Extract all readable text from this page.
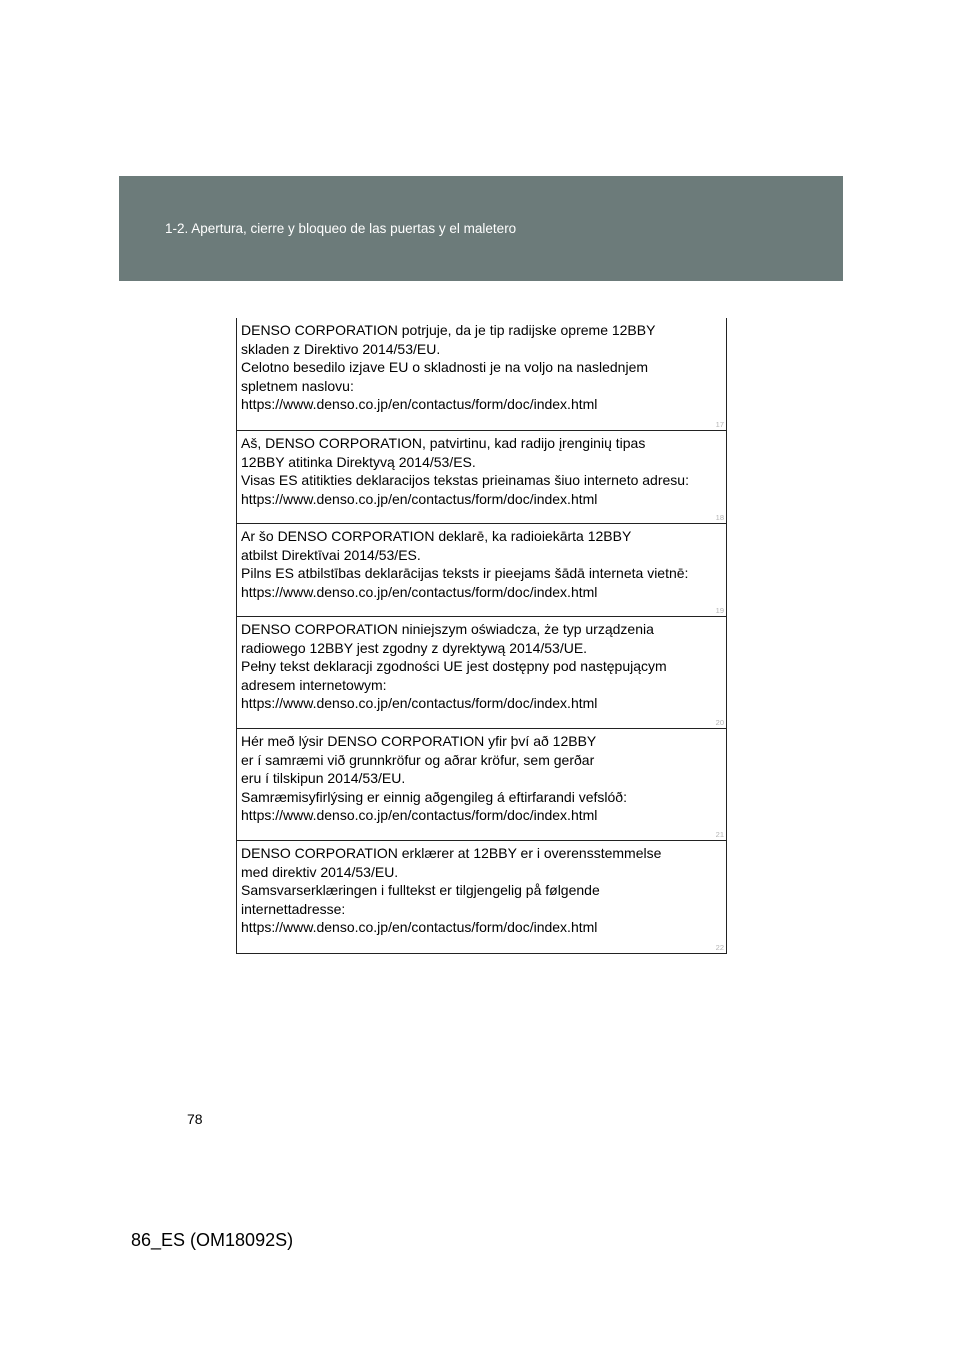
1-2. Apertura, cierre y bloqueo de las puertas y el maletero
DENSO CORPORATION potrjuje, da je tip radijske opreme 12BBY
skladen z Direktivo 2014/53/EU.
Celotno besedilo izjave EU o skladnosti je na voljo na naslednjem
spletnem naslovu:
https://www.denso.co.jp/en/contactus/form/doc/index.html
17
Aš, DENSO CORPORATION, patvirtinu, kad radijo įrenginių tipas
12BBY atitinka Direktyvą 2014/53/ES.
Visas ES atitikties deklaracijos tekstas prieinamas šiuo interneto adresu:
https://www.denso.co.jp/en/contactus/form/doc/index.html
18
Ar šo DENSO CORPORATION deklarē, ka radioiekārta 12BBY
atbilst Direktīvai 2014/53/ES.
Pilns ES atbilstības deklarācijas teksts ir pieejams šādā interneta vietnē:
https://www.denso.co.jp/en/contactus/form/doc/index.html
19
DENSO CORPORATION niniejszym oświadcza, że typ urządzenia
radiowego 12BBY jest zgodny z dyrektywą 2014/53/UE.
Pełny tekst deklaracji zgodności UE jest dostępny pod następującym
adresem internetowym:
https://www.denso.co.jp/en/contactus/form/doc/index.html
20
Hér með lýsir DENSO CORPORATION yfir því að 12BBY
er í samræmi við grunnkröfur og aðrar kröfur, sem gerðar
eru í tilskipun 2014/53/EU.
Samræmisyfirlýsing er einnig aðgengileg á eftirfarandi vefslóð:
https://www.denso.co.jp/en/contactus/form/doc/index.html
21
DENSO CORPORATION erklærer at 12BBY er i overensstemmelse
med direktiv 2014/53/EU.
Samsvarserklæringen i fulltekst er tilgjengelig på følgende
internettadresse:
https://www.denso.co.jp/en/contactus/form/doc/index.html
22
78
86_ES (OM18092S)
